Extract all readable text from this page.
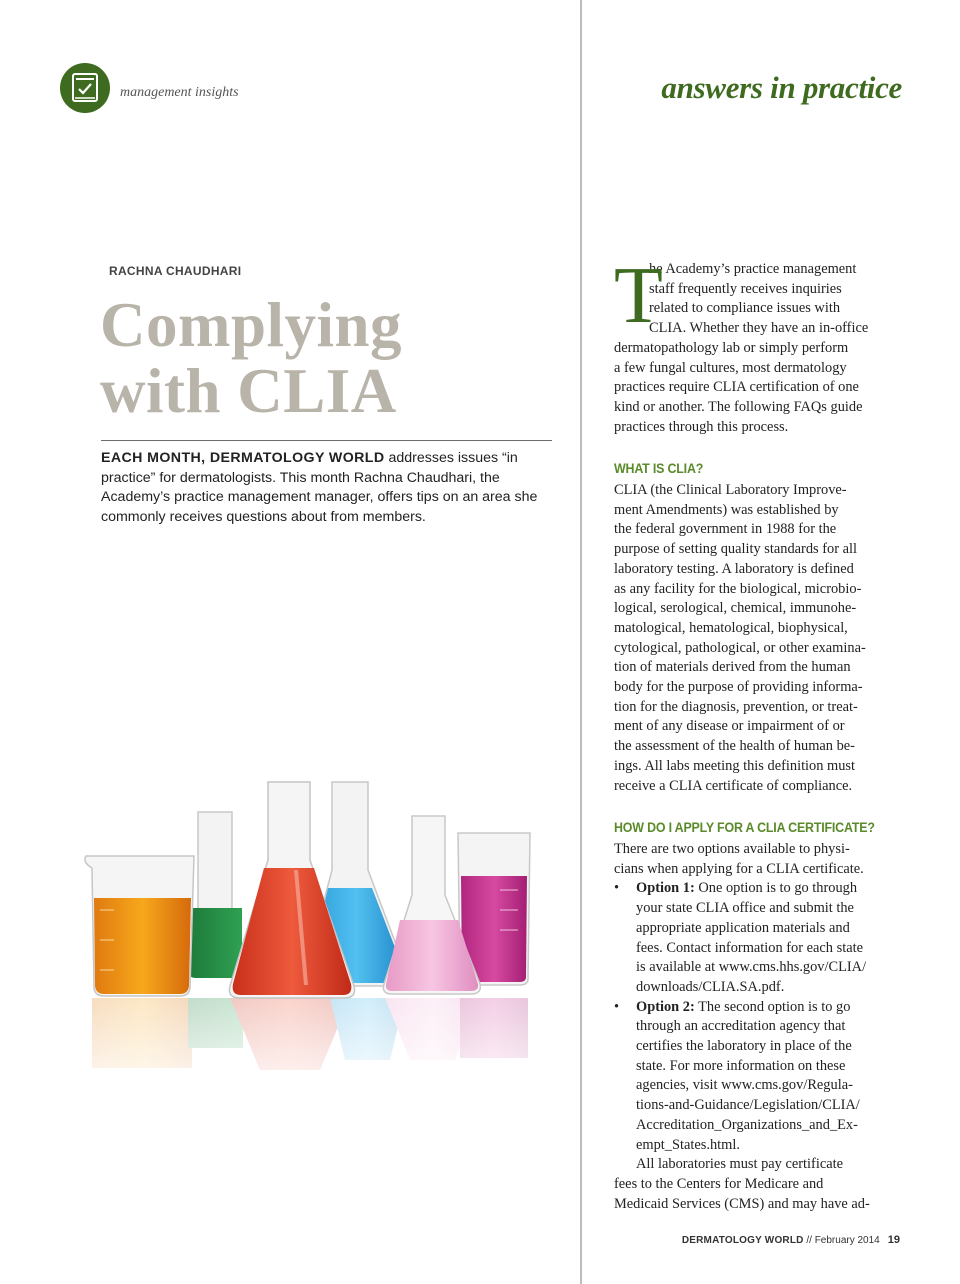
management insights	answers in practice
RACHNA CHAUDHARI
Complying
with CLIA

EACH MONTH, DERMATOLOGY WORLD addresses issues “in practice” for dermatologists. This month Rachna Chaudhari, the Academy’s practice management manager, offers tips on an area she commonly receives questions about from members.

T
he Academy’s practice management
staff frequently receives inquiries
related to compliance issues with
CLIA. Whether they have an in-office
dermatopathology lab or simply perform
a few fungal cultures, most dermatology
practices require CLIA certification of one
kind or another. The following FAQs guide
practices through this process.
WHAT IS CLIA?
CLIA (the Clinical Laboratory Improve-
ment Amendments) was established by
the federal government in 1988 for the
purpose of setting quality standards for all
laboratory testing. A laboratory is defined
as any facility for the biological, microbio-
logical, serological, chemical, immunohe-
matological, hematological, biophysical,
cytological, pathological, or other examina-
tion of materials derived from the human
body for the purpose of providing informa-
tion for the diagnosis, prevention, or treat-
ment of any disease or impairment of or
the assessment of the health of human be-
ings. All labs meeting this definition must
receive a CLIA certificate of compliance.
HOW DO I APPLY FOR A CLIA CERTIFICATE?
There are two options available to physi-
cians when applying for a CLIA certificate.
• Option 1: One option is to go through
your state CLIA office and submit the
appropriate application materials and
fees. Contact information for each state
is available at www.cms.hhs.gov/CLIA/
downloads/CLIA.SA.pdf.
• Option 2: The second option is to go
through an accreditation agency that
certifies the laboratory in place of the
state. For more information on these
agencies, visit www.cms.gov/Regula-
tions-and-Guidance/Legislation/CLIA/
Accreditation_Organizations_and_Ex-
empt_States.html.
All laboratories must pay certificate
fees to the Centers for Medicare and
Medicaid Services (CMS) and may have ad-
DERMATOLOGY WORLD // February 2014 19
